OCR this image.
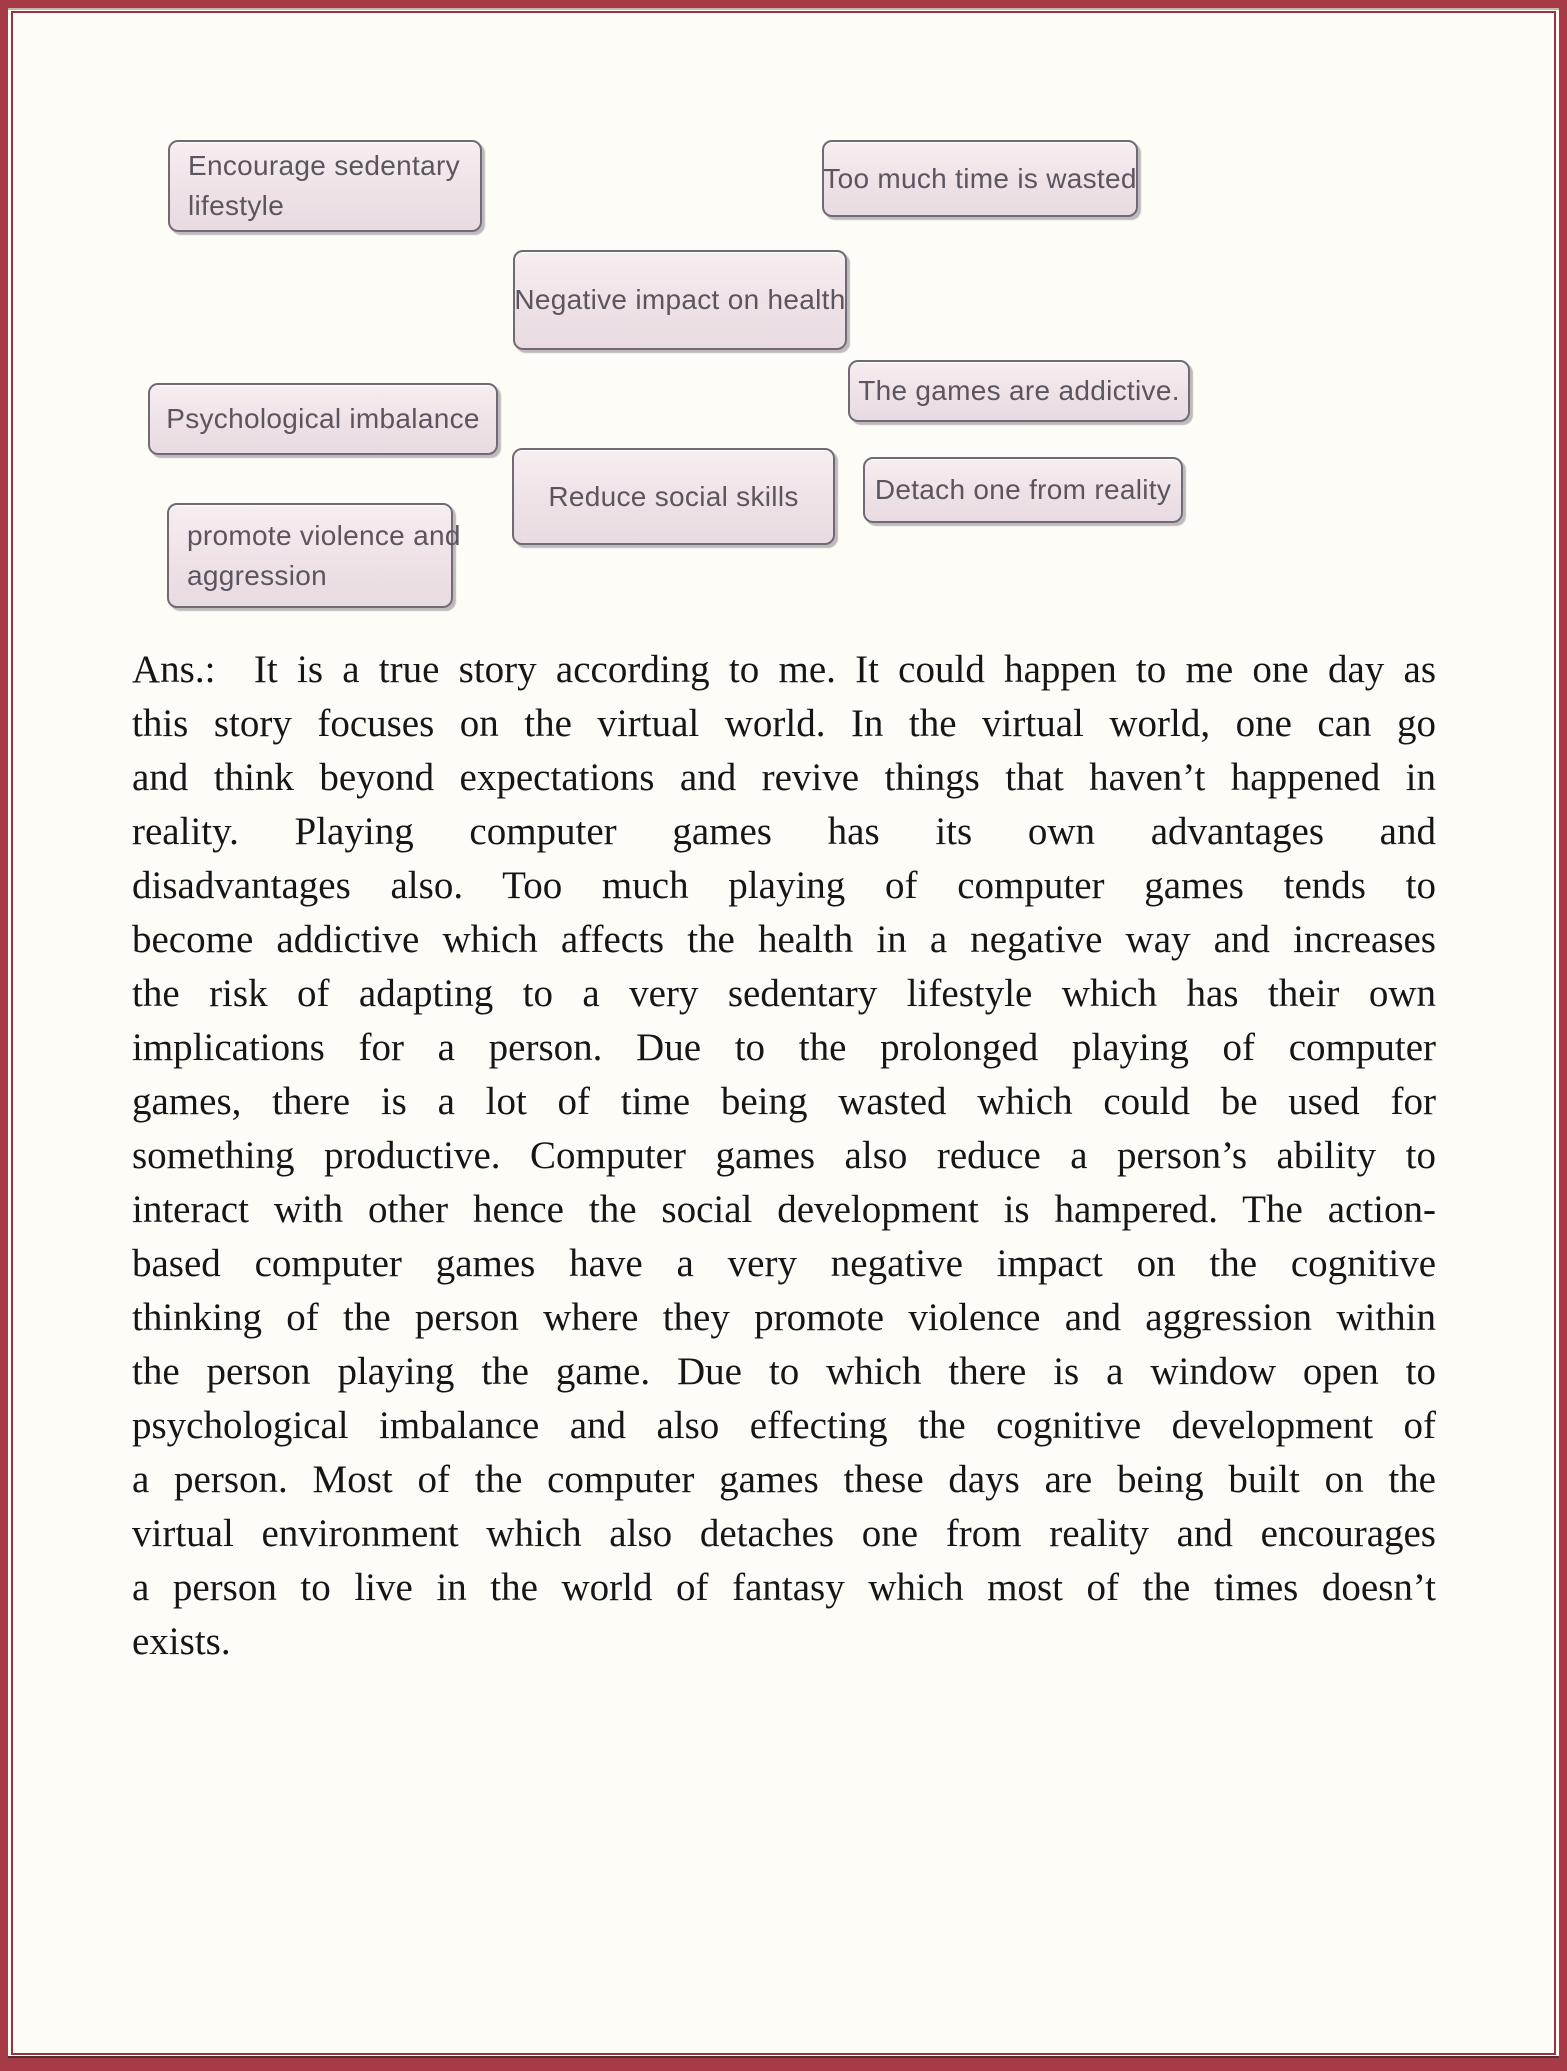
Encourage sedentary
lifestyle
Too much time is wasted
Negative impact on health
Psychological imbalance
The games are addictive.
Reduce social skills	Detach one from reality
promote violence and
aggression
Ans.:  It is a true story according to me. It could happen to me one day as
this story focuses on the virtual world. In the virtual world, one can go
and think beyond expectations and revive things that haven’t happened in
reality. Playing computer games has its own advantages and
disadvantages also. Too much playing of computer games tends to
become addictive which affects the health in a negative way and increases
the risk of adapting to a very sedentary lifestyle which has their own
implications for a person. Due to the prolonged playing of computer
games, there is a lot of time being wasted which could be used for
something productive. Computer games also reduce a person’s ability to
interact with other hence the social development is hampered. The action-
based computer games have a very negative impact on the cognitive
thinking of the person where they promote violence and aggression within
the person playing the game. Due to which there is a window open to
psychological imbalance and also effecting the cognitive development of
a person. Most of the computer games these days are being built on the
virtual environment which also detaches one from reality and encourages
a person to live in the world of fantasy which most of the times doesn’t
exists.
